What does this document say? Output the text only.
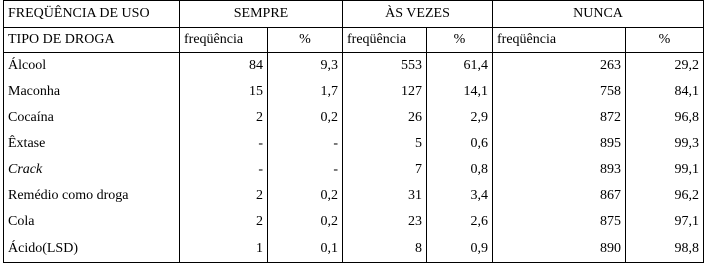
FREQÜÊNCIA DE USO	SEMPRE		ÀS VEZES		NUNCA	
TIPO DE DROGA	freqüência	%	freqüência	%	freqüência	%
Álcool	84	9,3	553	61,4	263	29,2
Maconha	15	1,7	127	14,1	758	84,1
Cocaína	2	0,2	26	2,9	872	96,8
Êxtase	-	-	5	0,6	895	99,3
Crack	-	-	7	0,8	893	99,1
Remédio como droga	2	0,2	31	3,4	867	96,2
Cola	2	0,2	23	2,6	875	97,1
Ácido(LSD)	1	0,1	8	0,9	890	98,8
